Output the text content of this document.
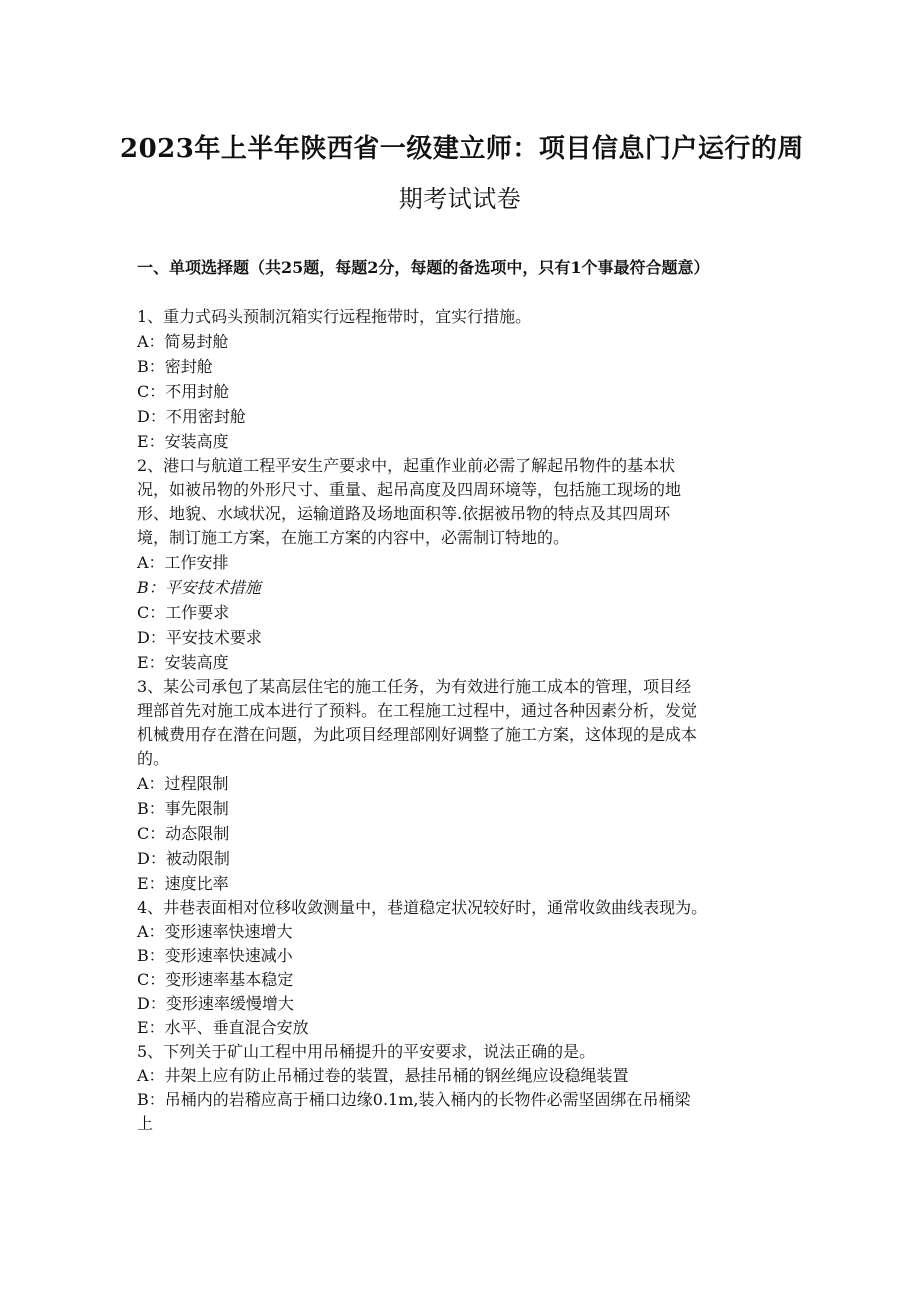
2023年上半年陕西省一级建立师：项目信息门户运行的周
期考试试卷
一、单项选择题（共25题，每题2分，每题的备选项中，只有1个事最符合题意）
1、重力式码头预制沉箱实行远程拖带时，宜实行措施。
A：简易封舱
B：密封舱
C：不用封舱
D：不用密封舱
E：安装高度
2、港口与航道工程平安生产要求中，起重作业前必需了解起吊物件的基本状
况，如被吊物的外形尺寸、重量、起吊高度及四周环境等，包括施工现场的地
形、地貌、水域状况，运输道路及场地面积等.依据被吊物的特点及其四周环
境，制订施工方案，在施工方案的内容中，必需制订特地的。
A：工作安排
B：平安技术措施
C：工作要求
D：平安技术要求
E：安装高度
3、某公司承包了某高层住宅的施工任务，为有效进行施工成本的管理，项目经
理部首先对施工成本进行了预料。在工程施工过程中，通过各种因素分析，发觉
机械费用存在潜在问题，为此项目经理部刚好调整了施工方案，这体现的是成本
的。
A：过程限制
B：事先限制
C：动态限制
D：被动限制
E：速度比率
4、井巷表面相对位移收敛测量中，巷道稳定状况较好时，通常收敛曲线表现为。
A：变形速率快速增大
B：变形速率快速减小
C：变形速率基本稳定
D：变形速率缓慢增大
E：水平、垂直混合安放
5、下列关于矿山工程中用吊桶提升的平安要求，说法正确的是。
A：井架上应有防止吊桶过卷的装置，悬挂吊桶的钢丝绳应设稳绳装置
B：吊桶内的岩稽应高于桶口边缘0.1m,装入桶内的长物件必需坚固绑在吊桶梁
上
